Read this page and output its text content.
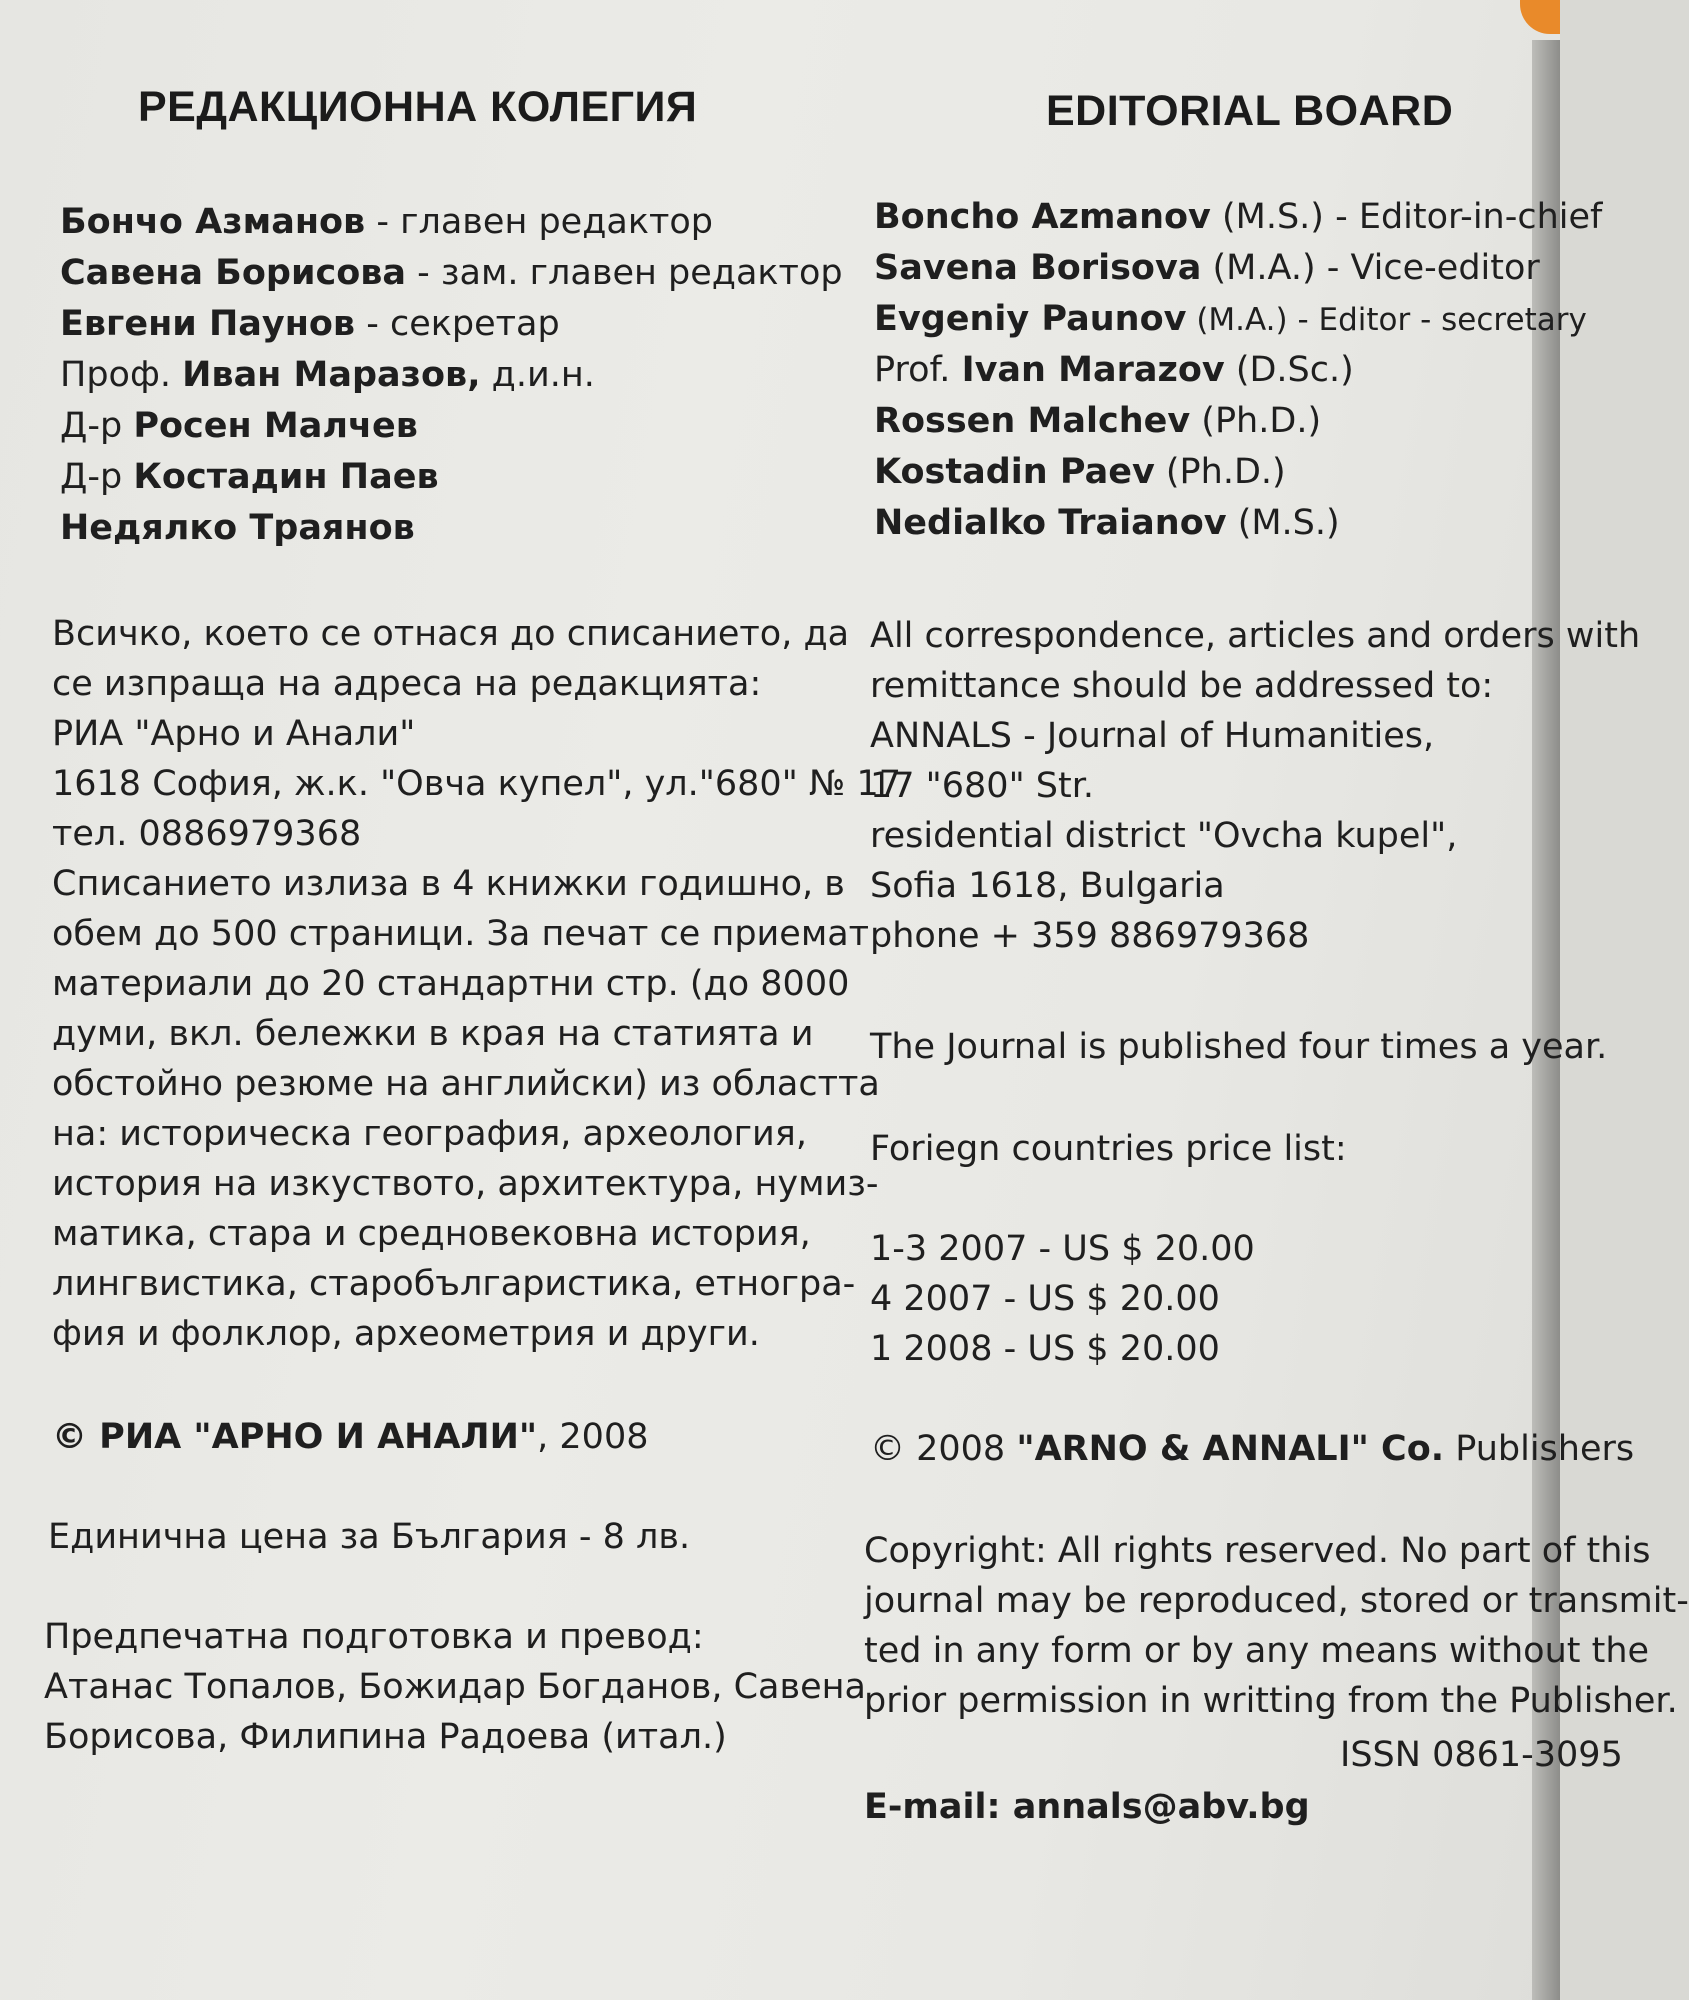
РЕДАКЦИОННА КОЛЕГИЯ
Бончо Азманов - главен редактор
Савена Борисова - зам. главен редактор
Евгени Паунов - секретар
Проф. Иван Маразов, д.и.н.
Д-р Росен Малчев
Д-р Костадин Паев
Недялко Траянов
Всичко, което се отнася до списанието, да
се изпраща на адреса на редакцията:
РИА "Арно и Анали"
1618 София, ж.к. "Овча купел", ул."680" № 17
тел. 0886979368
Списанието излиза в 4 книжки годишно, в
обем до 500 страници. За печат се приемат
материали до 20 стандартни стр. (до 8000
думи, вкл. бележки в края на статията и
обстойно резюме на английски) из областта
на: историческа география, археология,
история на изкуството, архитектура, нумиз-
матика, стара и средновековна история,
лингвистика, старобългаристика, етногра-
фия и фолклор, археометрия и други.
© РИА "АРНО И АНАЛИ", 2008
Единична цена за България - 8 лв.
Предпечатна подготовка и превод:
Атанас Топалов, Божидар Богданов, Савена
Борисова, Филипина Радоева (итал.)
EDITORIAL BOARD
Boncho Azmanov (M.S.) - Editor-in-chief
Savena Borisova (M.A.) - Vice-editor
Evgeniy Paunov (M.A.) - Editor - secretary
Prof. Ivan Marazov (D.Sc.)
Rossen Malchev (Ph.D.)
Kostadin Paev (Ph.D.)
Nedialko Traianov (M.S.)
All correspondence, articles and orders with
remittance should be addressed to:
ANNALS - Journal of Humanities,
17 "680" Str.
residential district "Ovcha kupel",
Sofia 1618, Bulgaria
phone + 359 886979368
The Journal is published four times a year.
Foriegn countries price list:
1-3 2007 - US $ 20.00
4 2007 - US $ 20.00
1 2008 - US $ 20.00
© 2008 "ARNO & ANNALI" Co. Publishers
Copyright: All rights reserved. No part of this
journal may be reproduced, stored or transmit-
ted in any form or by any means without the
prior permission in writting from the Publisher.
ISSN 0861-3095
E-mail: annals@abv.bg
